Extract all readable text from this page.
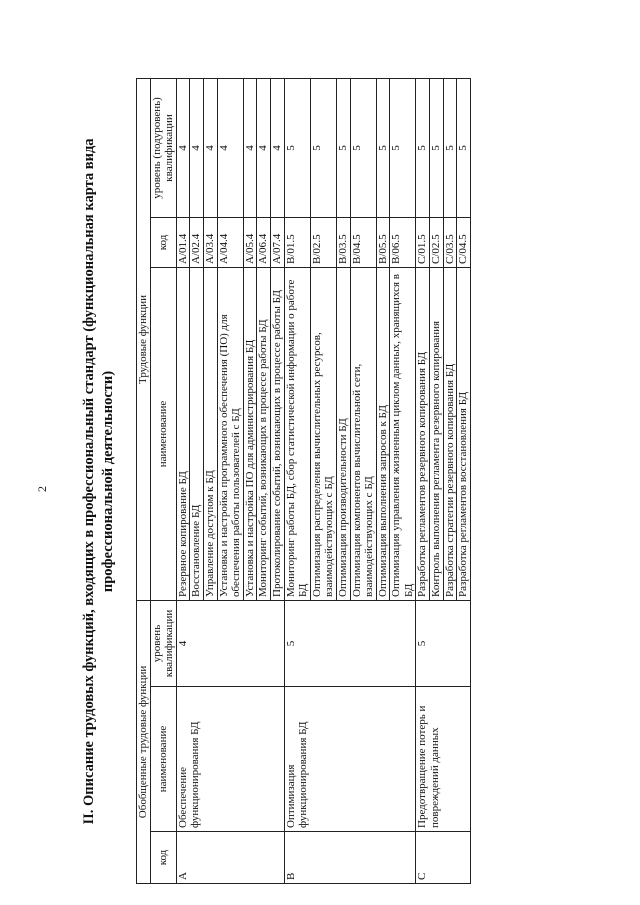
2 II. Описание трудовых функций, входящих в профессиональный стандарт (функциональная карта вида профессиональной деятельности)
Обобщенные трудовые функции			Трудовые функции		
код	наименование	уровень квалификации	наименование	код	уровень (подуровень) квалификации
A	Обеспечение функционирования БД	4	Резервное копирование БД	A/01.4	4
			Восстановление БД	A/02.4	4
			Управление доступом к БД	A/03.4	4
			Установка и настройка программного обеспечения (ПО) для обеспечения работы пользователей с БД	A/04.4	4
			Установка и настройка ПО для администрирования БД	A/05.4	4
			Мониторинг событий, возникающих в процессе работы БД	A/06.4	4
			Протоколирование событий, возникающих в процессе работы БД	A/07.4	4
B	Оптимизация функционирования БД	5	Мониторинг работы БД, сбор статистической информации о работе БД	B/01.5	5
			Оптимизация распределения вычислительных ресурсов, взаимодействующих с БД	B/02.5	5
			Оптимизация производительности БД	B/03.5	5
			Оптимизация компонентов вычислительной сети, взаимодействующих с БД	B/04.5	5
			Оптимизация выполнения запросов к БД	B/05.5	5
			Оптимизация управления жизненным циклом данных, хранящихся в БД	B/06.5	5
C	Предотвращение потерь и повреждений данных	5	Разработка регламентов резервного копирования БД	C/01.5	5
			Контроль выполнения регламента резервного копирования	C/02.5	5
			Разработка стратегии резервного копирования БД	C/03.5	5
			Разработка регламентов восстановления БД	C/04.5	5
